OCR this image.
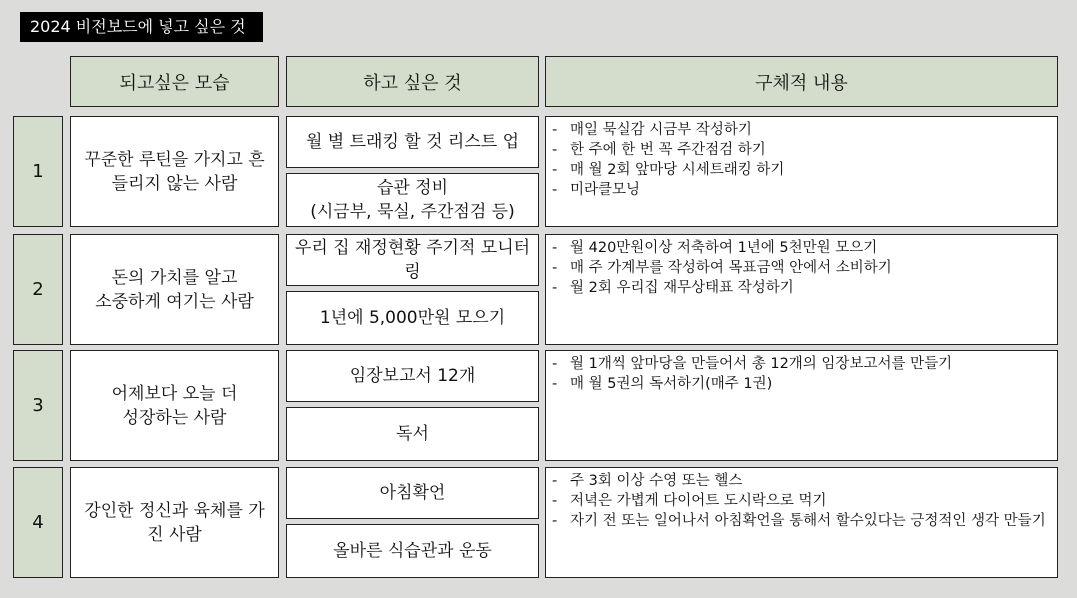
2024 비전보드에 넣고 싶은 것
되고싶은 모습	하고 싶은 것	구체적 내용
1
꾸준한 루틴을 가지고 흔들리지 않는 사람
월 별 트래킹 할 것 리스트 업
습관 정비
(시금부, 묵실, 주간점검 등)
- 매일 묵실감 시금부 작성하기
- 한 주에 한 번 꼭 주간점검 하기
- 매 월 2회 앞마당 시세트래킹 하기
- 미라클모닝
2
돈의 가치를 알고
소중하게 여기는 사람
우리 집 재정현황 주기적 모니터링
1년에 5,000만원 모으기
- 월 420만원이상 저축하여 1년에 5천만원 모으기
- 매 주 가계부를 작성하여 목표금액 안에서 소비하기
- 월 2회 우리집 재무상태표 작성하기
3
어제보다 오늘 더
성장하는 사람
임장보고서 12개
독서
- 월 1개씩 앞마당을 만들어서 총 12개의 임장보고서를 만들기
- 매 월 5권의 독서하기(매주 1권)
4
강인한 정신과 육체를 가진 사람
아침확언
올바른 식습관과 운동
- 주 3회 이상 수영 또는 헬스
- 저녁은 가볍게 다이어트 도시락으로 먹기
- 자기 전 또는 일어나서 아침확언을 통해서 할수있다는 긍정적인 생각 만들기
